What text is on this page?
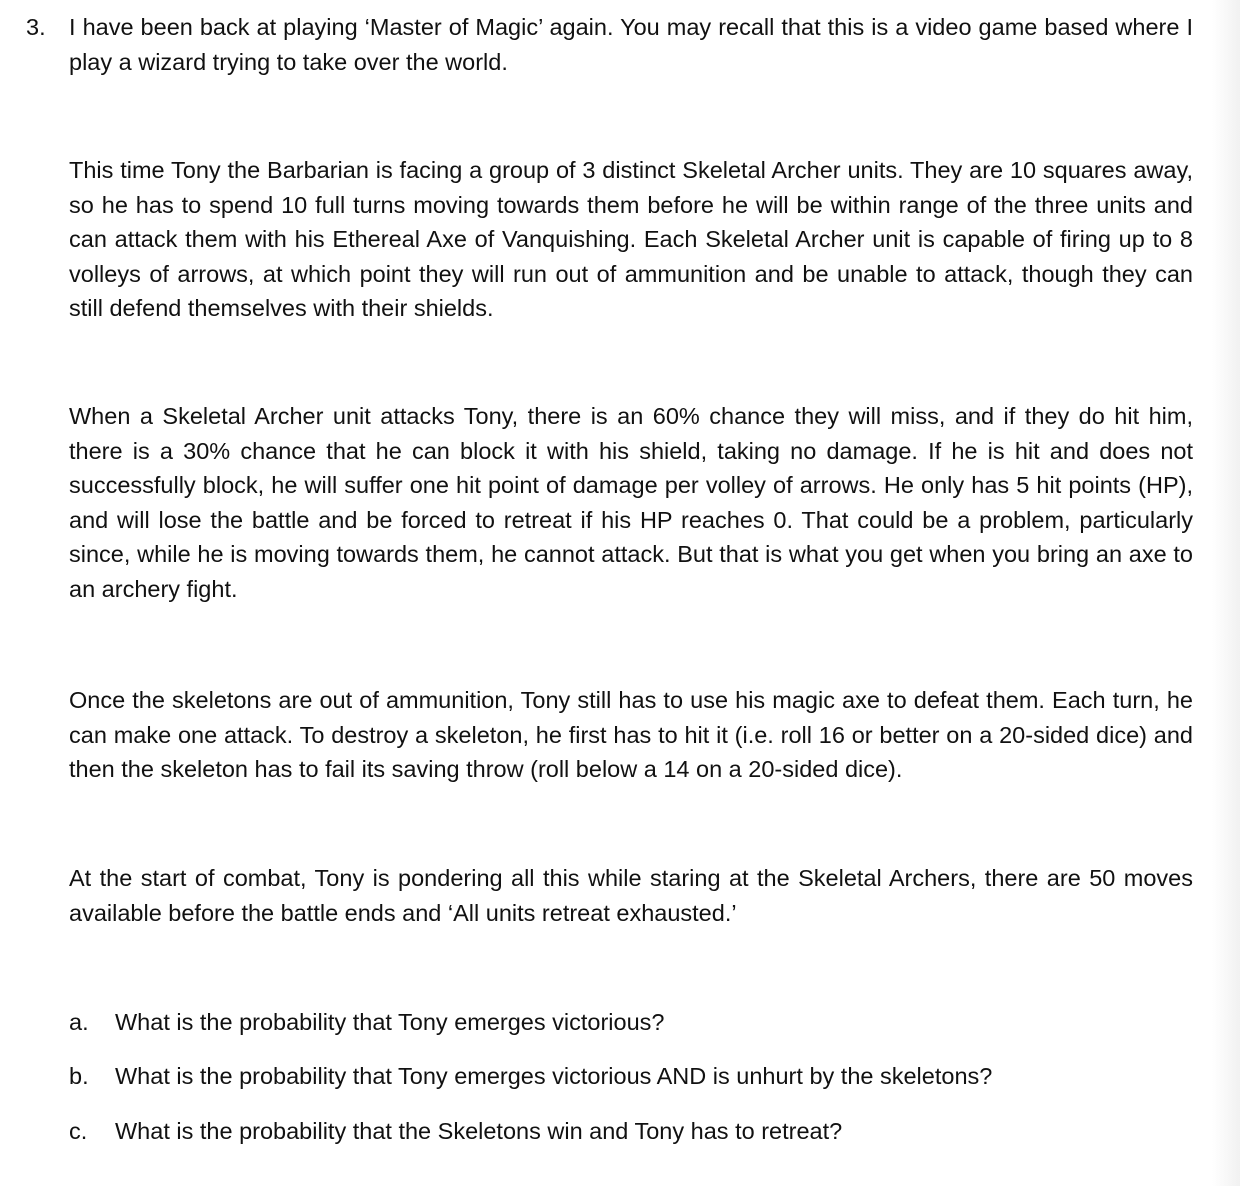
3. I have been back at playing ‘Master of Magic’ again. You may recall that this is a video game based where I play a wizard trying to take over the world.

This time Tony the Barbarian is facing a group of 3 distinct Skeletal Archer units. They are 10 squares away, so he has to spend 10 full turns moving towards them before he will be within range of the three units and can attack them with his Ethereal Axe of Vanquishing. Each Skeletal Archer unit is capable of firing up to 8 volleys of arrows, at which point they will run out of ammunition and be unable to attack, though they can still defend themselves with their shields.

When a Skeletal Archer unit attacks Tony, there is an 60% chance they will miss, and if they do hit him, there is a 30% chance that he can block it with his shield, taking no damage. If he is hit and does not successfully block, he will suffer one hit point of damage per volley of arrows. He only has 5 hit points (HP), and will lose the battle and be forced to retreat if his HP reaches 0. That could be a problem, particularly since, while he is moving towards them, he cannot attack. But that is what you get when you bring an axe to an archery fight.

Once the skeletons are out of ammunition, Tony still has to use his magic axe to defeat them. Each turn, he can make one attack. To destroy a skeleton, he first has to hit it (i.e. roll 16 or better on a 20-sided dice) and then the skeleton has to fail its saving throw (roll below a 14 on a 20-sided dice).

At the start of combat, Tony is pondering all this while staring at the Skeletal Archers, there are 50 moves available before the battle ends and ‘All units retreat exhausted.’

a. What is the probability that Tony emerges victorious?
b. What is the probability that Tony emerges victorious AND is unhurt by the skeletons?
c. What is the probability that the Skeletons win and Tony has to retreat?
